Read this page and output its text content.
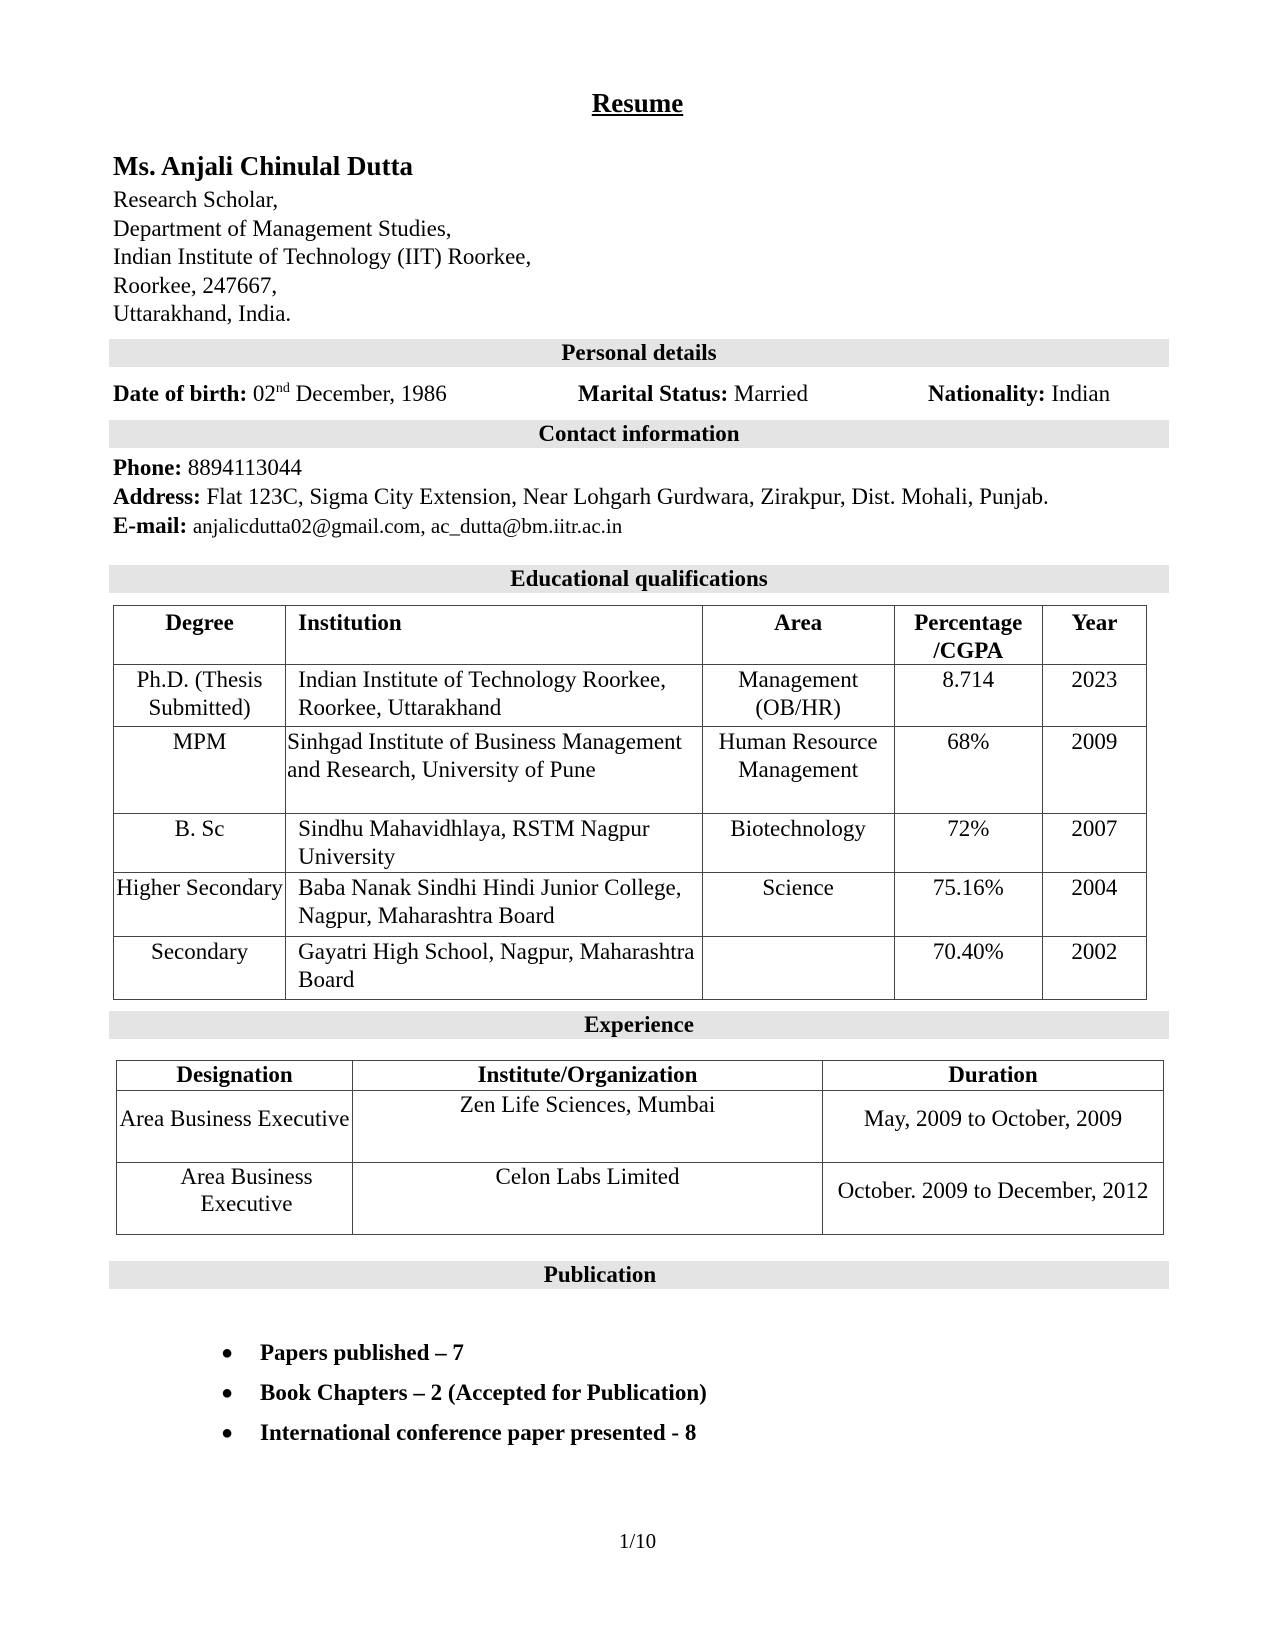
Resume
Ms. Anjali Chinulal Dutta
Research Scholar,
Department of Management Studies,
Indian Institute of Technology (IIT) Roorkee,
Roorkee, 247667,
Uttarakhand, India.
Personal details
Date of birth: 02nd December, 1986	Marital Status: Married	Nationality: Indian
Contact information
Phone: 8894113044
Address: Flat 123C, Sigma City Extension, Near Lohgarh Gurdwara, Zirakpur, Dist. Mohali, Punjab.
E-mail: anjalicdutta02@gmail.com, ac_dutta@bm.iitr.ac.in
Educational qualifications
Degree	Institution	Area	Percentage /CGPA	Year
Ph.D. (Thesis Submitted)	Indian Institute of Technology Roorkee, Roorkee, Uttarakhand	Management (OB/HR)	8.714	2023
MPM	Sinhgad Institute of Business Management and Research, University of Pune	Human Resource Management	68%	2009
B. Sc	Sindhu Mahavidhlaya, RSTM Nagpur University	Biotechnology	72%	2007
Higher Secondary	Baba Nanak Sindhi Hindi Junior College, Nagpur, Maharashtra Board	Science	75.16%	2004
Secondary	Gayatri High School, Nagpur, Maharashtra Board		70.40%	2002
Experience
Designation	Institute/Organization	Duration
Area Business Executive	Zen Life Sciences, Mumbai	May, 2009 to October, 2009
Area Business Executive	Celon Labs Limited	October. 2009 to December, 2012
Publication
● Papers published – 7
● Book Chapters – 2 (Accepted for Publication)
● International conference paper presented - 8
1/10
